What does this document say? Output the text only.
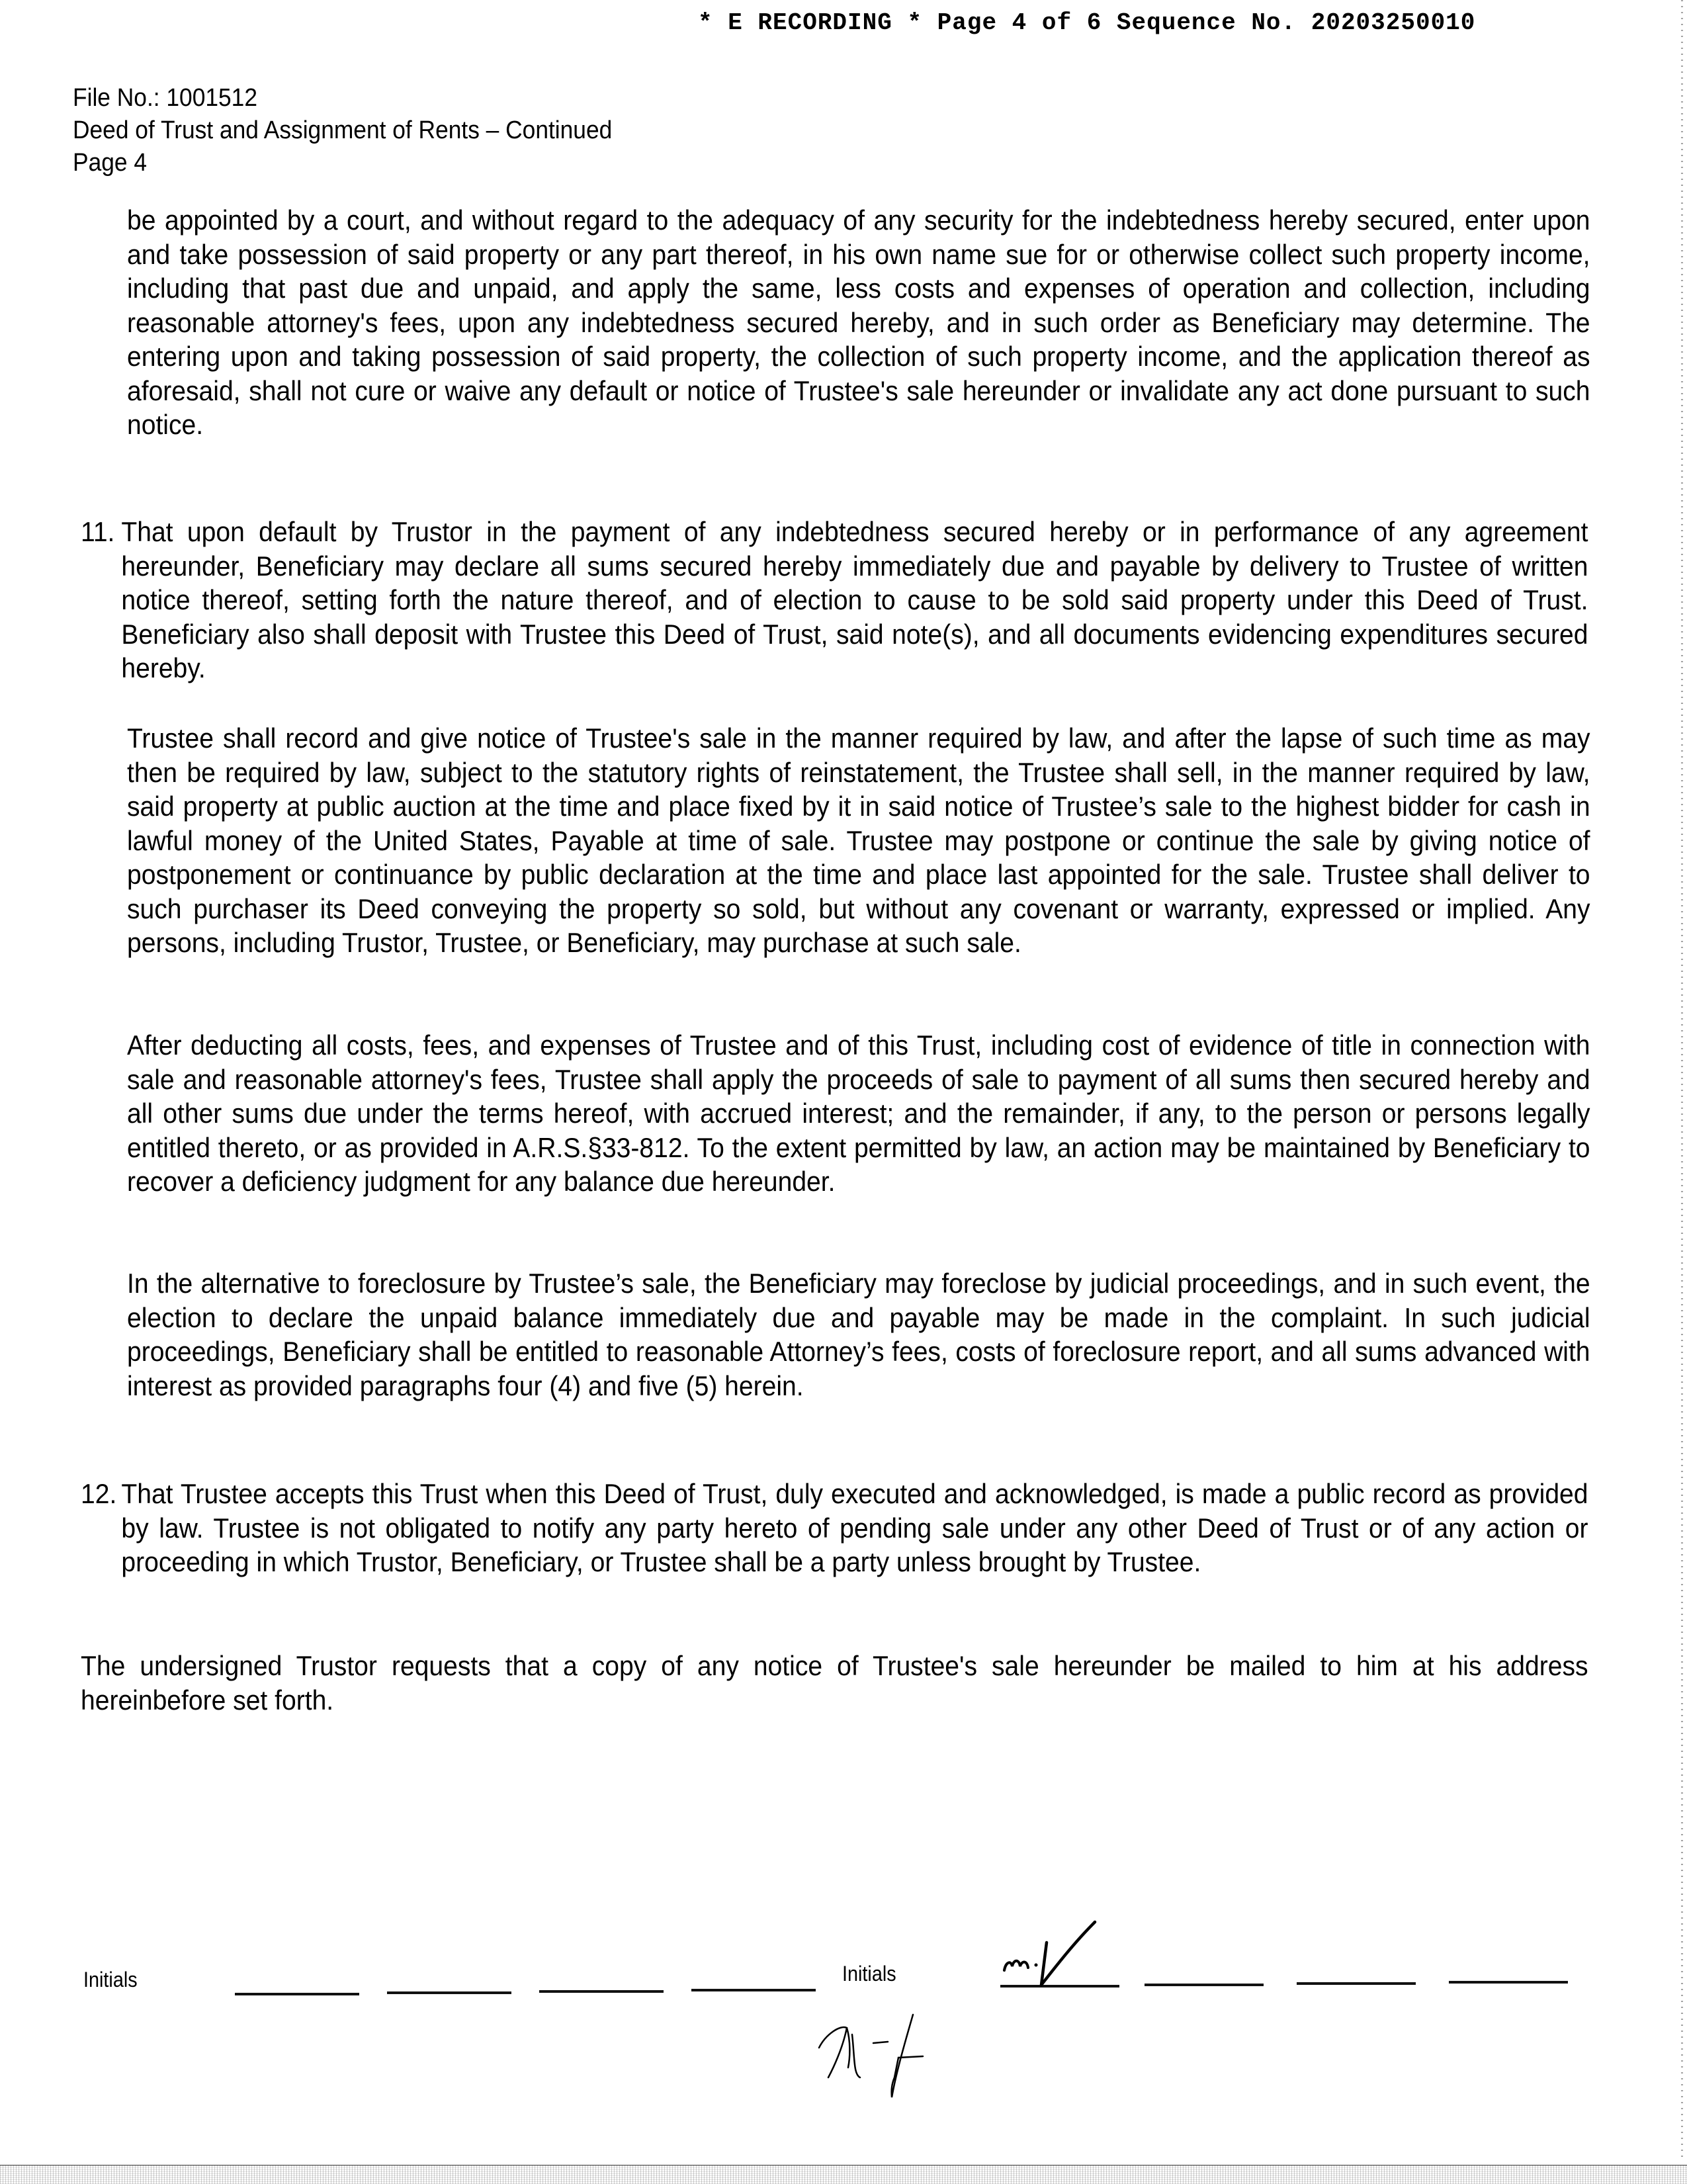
* E RECORDING * Page 4 of 6 Sequence No. 20203250010
File No.: 1001512
Deed of Trust and Assignment of Rents – Continued
Page 4
be appointed by a court, and without regard to the adequacy of any security for the indebtedness hereby secured, enter upon and take possession of said property or any part thereof, in his own name sue for or otherwise collect such property income, including that past due and unpaid, and apply the same, less costs and expenses of operation and collection, including reasonable attorney's fees, upon any indebtedness secured hereby, and in such order as Beneficiary may determine. The entering upon and taking possession of said property, the collection of such property income, and the application thereof as aforesaid, shall not cure or waive any default or notice of Trustee's sale hereunder or invalidate any act done pursuant to such notice.
11. That upon default by Trustor in the payment of any indebtedness secured hereby or in performance of any agreement hereunder, Beneficiary may declare all sums secured hereby immediately due and payable by delivery to Trustee of written notice thereof, setting forth the nature thereof, and of election to cause to be sold said property under this Deed of Trust. Beneficiary also shall deposit with Trustee this Deed of Trust, said note(s), and all documents evidencing expenditures secured hereby.
Trustee shall record and give notice of Trustee's sale in the manner required by law, and after the lapse of such time as may then be required by law, subject to the statutory rights of reinstatement, the Trustee shall sell, in the manner required by law, said property at public auction at the time and place fixed by it in said notice of Trustee’s sale to the highest bidder for cash in lawful money of the United States, Payable at time of sale. Trustee may postpone or continue the sale by giving notice of postponement or continuance by public declaration at the time and place last appointed for the sale. Trustee shall deliver to such purchaser its Deed conveying the property so sold, but without any covenant or warranty, expressed or implied. Any persons, including Trustor, Trustee, or Beneficiary, may purchase at such sale.
After deducting all costs, fees, and expenses of Trustee and of this Trust, including cost of evidence of title in connection with sale and reasonable attorney's fees, Trustee shall apply the proceeds of sale to payment of all sums then secured hereby and all other sums due under the terms hereof, with accrued interest; and the remainder, if any, to the person or persons legally entitled thereto, or as provided in A.R.S.§33-812. To the extent permitted by law, an action may be maintained by Beneficiary to recover a deficiency judgment for any balance due hereunder.
In the alternative to foreclosure by Trustee’s sale, the Beneficiary may foreclose by judicial proceedings, and in such event, the election to declare the unpaid balance immediately due and payable may be made in the complaint. In such judicial proceedings, Beneficiary shall be entitled to reasonable Attorney’s fees, costs of foreclosure report, and all sums advanced with interest as provided paragraphs four (4) and five (5) herein.
12. That Trustee accepts this Trust when this Deed of Trust, duly executed and acknowledged, is made a public record as provided by law. Trustee is not obligated to notify any party hereto of pending sale under any other Deed of Trust or of any action or proceeding in which Trustor, Beneficiary, or Trustee shall be a party unless brought by Trustee.
The undersigned Trustor requests that a copy of any notice of Trustee's sale hereunder be mailed to him at his address hereinbefore set forth.
Initials	Initials
